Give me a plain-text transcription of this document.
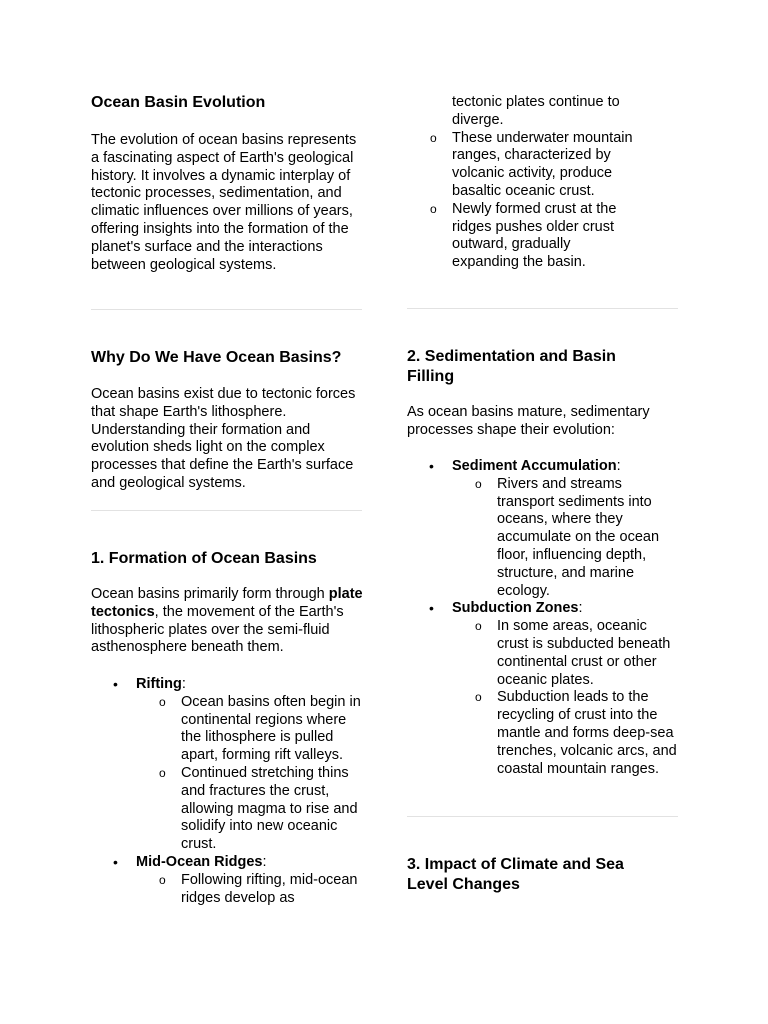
Ocean Basin Evolution

The evolution of ocean basins represents a fascinating aspect of Earth's geological history. It involves a dynamic interplay of tectonic processes, sedimentation, and climatic influences over millions of years, offering insights into the formation of the planet's surface and the interactions between geological systems.

Why Do We Have Ocean Basins?

Ocean basins exist due to tectonic forces that shape Earth's lithosphere. Understanding their formation and evolution sheds light on the complex processes that define the Earth's surface and geological systems.

1. Formation of Ocean Basins

Ocean basins primarily form through plate tectonics, the movement of the Earth's lithospheric plates over the semi-fluid asthenosphere beneath them.

• Rifting:
o Ocean basins often begin in continental regions where the lithosphere is pulled apart, forming rift valleys.
o Continued stretching thins and fractures the crust, allowing magma to rise and solidify into new oceanic crust.
• Mid-Ocean Ridges:
o Following rifting, mid-ocean ridges develop as
tectonic plates continue to diverge.
o These underwater mountain ranges, characterized by volcanic activity, produce basaltic oceanic crust.
o Newly formed crust at the ridges pushes older crust outward, gradually expanding the basin.
2. Sedimentation and Basin Filling

As ocean basins mature, sedimentary processes shape their evolution:

• Sediment Accumulation:
o Rivers and streams transport sediments into oceans, where they accumulate on the ocean floor, influencing depth, structure, and marine ecology.
• Subduction Zones:
o In some areas, oceanic crust is subducted beneath continental crust or other oceanic plates.
o Subduction leads to the recycling of crust into the mantle and forms deep-sea trenches, volcanic arcs, and coastal mountain ranges.
3. Impact of Climate and Sea Level Changes
